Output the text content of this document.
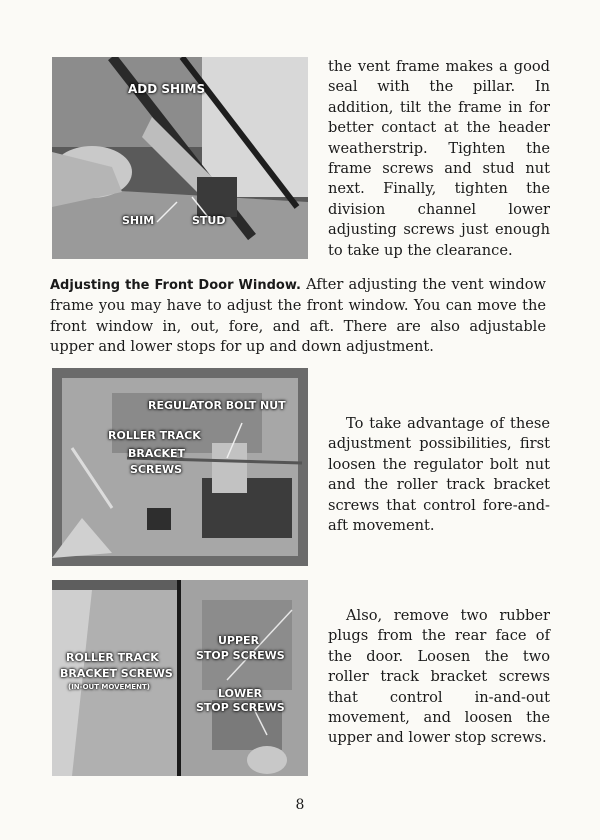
ADD SHIMS
SHIM	STUD

the vent frame makes a good seal with the pillar. In addition, tilt the frame in for better contact at the header weatherstrip. Tighten the frame screws and stud nut next. Finally, tighten the division channel lower adjusting screws just enough to take up the clearance.

Adjusting the Front Door Window. After adjusting the vent window frame you may have to adjust the front window. You can move the front window in, out, fore, and aft. There are also adjustable upper and lower stops for up and down adjustment.
REGULATOR BOLT NUT
ROLLER TRACK
BRACKET
SCREWS

To take advantage of these adjustment possibilities, first loosen the regulator bolt nut and the roller track bracket screws that control fore-and-aft movement.

ROLLER TRACK
BRACKET SCREWS
(IN-OUT MOVEMENT)
UPPER
STOP SCREWS
LOWER
STOP SCREWS

Also, remove two rubber plugs from the rear face of the door. Loosen the two roller track bracket screws that control in-and-out movement, and loosen the upper and lower stop screws.

8
